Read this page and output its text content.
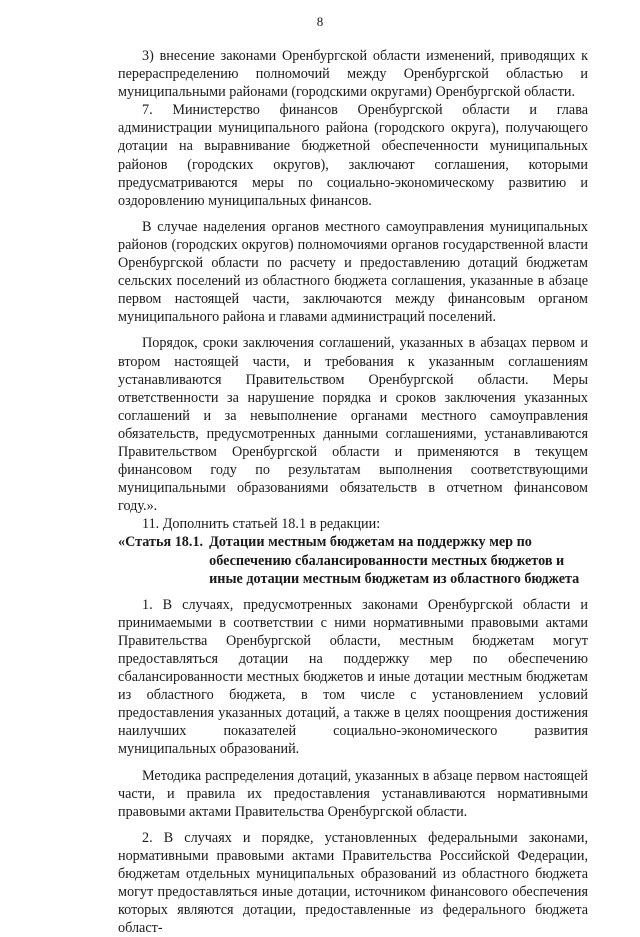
8

3) внесение законами Оренбургской области изменений, приводящих к перераспределению полномочий между Оренбургской областью и муниципальными районами (городскими округами) Оренбургской области.

7. Министерство финансов Оренбургской области и глава администрации муниципального района (городского округа), получающего дотации на выравнивание бюджетной обеспеченности муниципальных районов (городских округов), заключают соглашения, которыми предусматриваются меры по социально-экономическому развитию и оздоровлению муниципальных финансов.

В случае наделения органов местного самоуправления муниципальных районов (городских округов) полномочиями органов государственной власти Оренбургской области по расчету и предоставлению дотаций бюджетам сельских поселений из областного бюджета соглашения, указанные в абзаце первом настоящей части, заключаются между финансовым органом муниципального района и главами администраций поселений.

Порядок, сроки заключения соглашений, указанных в абзацах первом и втором настоящей части, и требования к указанным соглашениям устанавливаются Правительством Оренбургской области. Меры ответственности за нарушение порядка и сроков заключения указанных соглашений и за невыполнение органами местного самоуправления обязательств, предусмотренных данными соглашениями, устанавливаются Правительством Оренбургской области и применяются в текущем финансовом году по результатам выполнения соответствующими муниципальными образованиями обязательств в отчетном финансовом году.».

11. Дополнить статьей 18.1 в редакции:

«Статья 18.1. Дотации местным бюджетам на поддержку мер по обеспечению сбалансированности местных бюджетов и иные дотации местным бюджетам из областного бюджета

1. В случаях, предусмотренных законами Оренбургской области и принимаемыми в соответствии с ними нормативными правовыми актами Правительства Оренбургской области, местным бюджетам могут предоставляться дотации на поддержку мер по обеспечению сбалансированности местных бюджетов и иные дотации местным бюджетам из областного бюджета, в том числе с установлением условий предоставления указанных дотаций, а также в целях поощрения достижения наилучших показателей социально-экономического развития муниципальных образований.

Методика распределения дотаций, указанных в абзаце первом настоящей части, и правила их предоставления устанавливаются нормативными правовыми актами Правительства Оренбургской области.

2. В случаях и порядке, установленных федеральными законами, нормативными правовыми актами Правительства Российской Федерации, бюджетам отдельных муниципальных образований из областного бюджета могут предоставляться иные дотации, источником финансового обеспечения которых являются дотации, предоставленные из федерального бюджета област-
